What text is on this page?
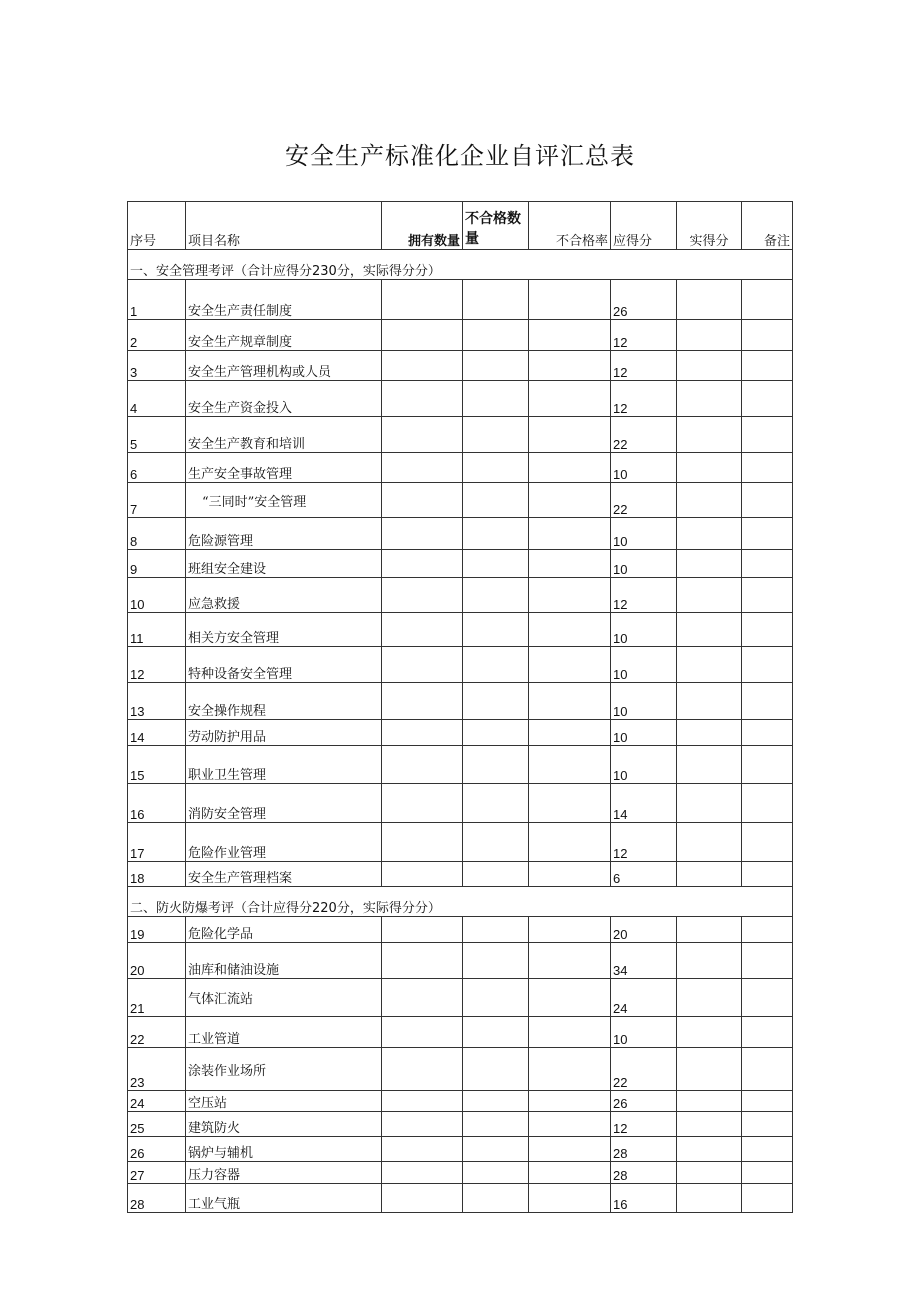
安全生产标准化企业自评汇总表
序号	项目名称	拥有数量	不合格数量	不合格率	应得分	实得分	备注
一、安全管理考评（合计应得分230分，实际得分分）							
1	安全生产责任制度				26		
2	安全生产规章制度				12		
3	安全生产管理机构或人员				12		
4	安全生产资金投入				12		
5	安全生产教育和培训				22		
6	生产安全事故管理				10		
7	“三同时”安全管理				22		
8	危险源管理				10		
9	班组安全建设				10		
10	应急救援				12		
11	相关方安全管理				10		
12	特种设备安全管理				10		
13	安全操作规程				10		
14	劳动防护用品				10		
15	职业卫生管理				10		
16	消防安全管理				14		
17	危险作业管理				12		
18	安全生产管理档案				6		
二、防火防爆考评（合计应得分220分，实际得分分）							
19	危险化学品				20		
20	油库和储油设施				34		
21	气体汇流站				24		
22	工业管道				10		
23	涂装作业场所				22		
24	空压站				26		
25	建筑防火				12		
26	锅炉与辅机				28		
27	压力容器				28		
28	工业气瓶				16		
